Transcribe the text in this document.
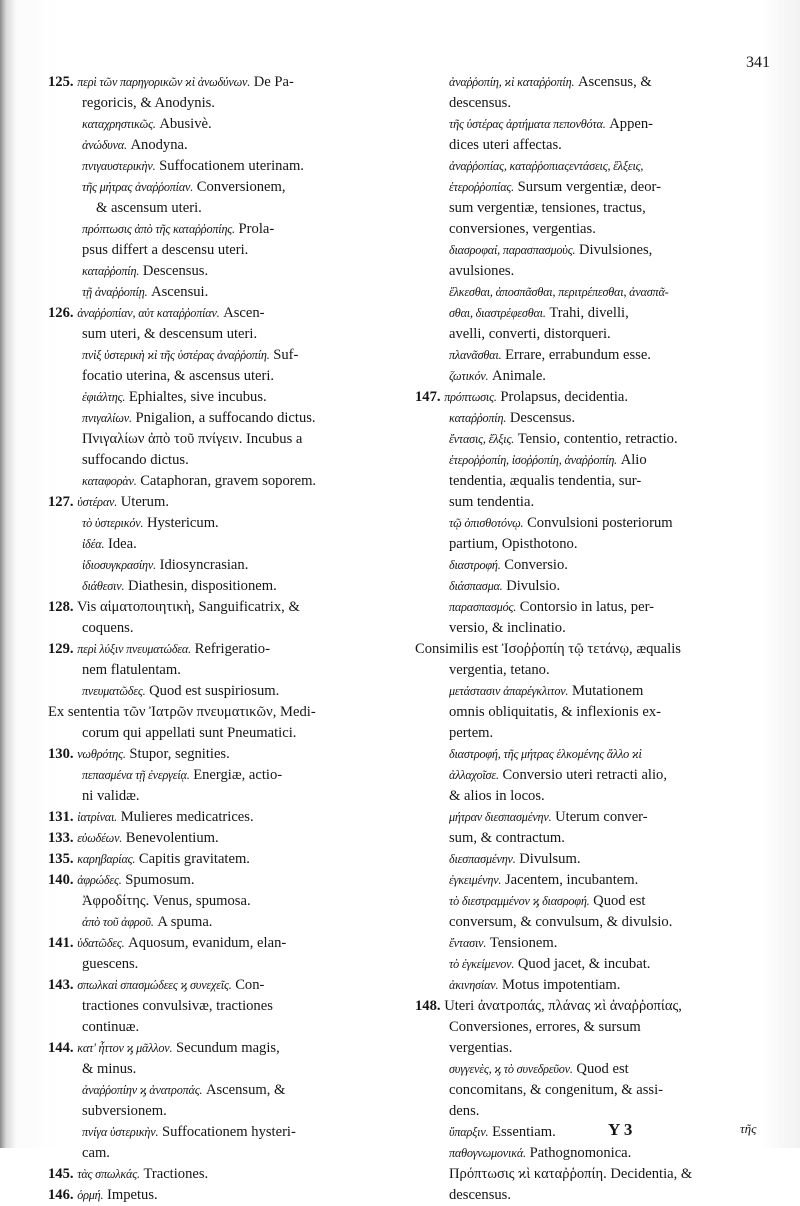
341
125. περὶ τῶν παρηγορικῶν ϰὶ ἀνωδύνων. De Pa-
regoricis, & Anodynis.
καταχρηστικῶς. Abusivè.
ἀνώδυνα. Anodyna.
πνιγαυστερικὴν. Suffocationem uterinam.
τῆς μήτρας ἀναῤῥοπίαν. Conversionem,
& ascensum uteri.
πρόπτωσις ἀπὸ τῆς καταῤῥοπίης. Prola-
psus differt a descensu uteri.
καταῤῥοπίη. Descensus.
τῇ ἀναῤῥοπίῃ. Ascensui.
126. ἀναῤῥοπίαν, αὐτ καταῤῥοπίαν. Ascen-
sum uteri, & descensum uteri.
πνὶξ ὑστερικὴ ϰὶ τῆς ὑστέρας ἀναῤῥοπίη. Suf-
focatio uterina, & ascensus uteri.
ἐφιάλτης. Ephialtes, sive incubus.
πνιγαλίων. Pnigalion, a suffocando dictus.
Πνιγαλίων ἀπὸ τοῦ πνίγειν. Incubus a
suffocando dictus.
καταφορὰν. Cataphoran, gravem soporem.
127. ὑστέραν. Uterum.
τὸ ὑστερικόν. Hystericum.
ἰδέα. Idea.
ἰδιοσυγκρασίην. Idiosyncrasian.
διάθεσιν. Diathesin, dispositionem.
128. Vis αἱματοποιητικὴ, Sanguificatrix, &
coquens.
129. περὶ λύξιν πνευματώδεα. Refrigeratio-
nem flatulentam.
πνευματῶδες. Quod est suspiriosum.
Ex sententia τῶν Ἰατρῶν πνευματικῶν, Medi-
corum qui appellati sunt Pneumatici.
130. νωθρότης. Stupor, segnities.
πεπασμένα τῇ ἐνεργείᾳ. Energiæ, actio-
ni validæ.
131. ἰατρίναι. Mulieres medicatrices.
133. εὐωδέων. Benevolentium.
135. καρηβαρίας. Capitis gravitatem.
140. ἀφρώδες. Spumosum.
Ἀφροδίτης. Venus, spumosa.
ἀπὸ τοῦ ἀφροῦ. A spuma.
141. ὑδατῶδες. Aquosum, evanidum, elan-
guescens.
143. σπωλκαὶ σπασμώδεες ϗ συνεχεῖς. Con-
tractiones convulsivæ, tractiones
continuæ.
144. κατ' ἧττον ϗ μᾶλλον. Secundum magis,
& minus.
ἀναῤῥοπίην ϗ ἀνατροπάς. Ascensum, &
subversionem.
πνίγα ὑστερικὴν. Suffocationem hysteri-
cam.
145. τὰς σπωλκάς. Tractiones.
146. ὁρμή. Impetus.
ἀναῤῥοπίη, ϰὶ καταῤῥοπίη. Ascensus, &
descensus.
τῆς ὑστέρας ἀρτήματα πεπονθότα. Appen-
dices uteri affectas.
ἀναῤῥοπίας, καταῤῥοπιαςεντάσεις, ἕλξεις,
ἑτεροῤῥοπίας. Sursum vergentiæ, deor-
sum vergentiæ, tensiones, tractus,
conversiones, vergentias.
διασροφαί, παρασπασμοὺς. Divulsiones,
avulsiones.
ἕλκεσθαι, ἀποσπᾶσθαι, περιτρέπεσθαι, ἀνασπᾶ-
σθαι, διαστρέφεσθαι. Trahi, divelli,
avelli, converti, distorqueri.
πλανᾶσθαι. Errare, errabundum esse.
ζωτικόν. Animale.
147. πρόπτωσις. Prolapsus, decidentia.
καταῤῥοπίη. Descensus.
ἔντασις, ἕλξις. Tensio, contentio, retractio.
ἑτεροῤῥοπίη, ἰσοῤῥοπίη, ἀναῤῥοπίη. Alio
tendentia, æqualis tendentia, sur-
sum tendentia.
τῷ ὀπισθοτόνῳ. Convulsioni posteriorum
partium, Opisthotono.
διαστροφή. Conversio.
διάσπασμα. Divulsio.
παρασπασμός. Contorsio in latus, per-
versio, & inclinatio.
Consimilis est Ἰσοῤῥοπίη τῷ τετάνῳ, æqualis
vergentia, tetano.
μετάστασιν ἀπαρέγκλιτον. Mutationem
omnis obliquitatis, & inflexionis ex-
pertem.
διαστροφή, τῆς μήτρας ἑλκομένης ἄλλο ϰὶ
ἀλλαχοῖσε. Conversio uteri retracti alio,
& alios in locos.
μήτραν διεσπασμένην. Uterum conver-
sum, & contractum.
διεσπασμένην. Divulsum.
ἐγκειμένην. Jacentem, incubantem.
τὸ διεστραμμένον ϗ διασροφή. Quod est
conversum, & convulsum, & divulsio.
ἔντασιν. Tensionem.
τὸ ἐγκείμενον. Quod jacet, & incubat.
ἀκινησίαν. Motus impotentiam.
148. Uteri ἀνατροπάς, πλάνας ϰὶ ἀναῤῥοπίας,
Conversiones, errores, & sursum
vergentias.
συγγενὲς, ϗ τὸ συνεδρεῦον. Quod est
concomitans, & congenitum, & assi-
dens.
ὕπαρξιν. Essentiam.
παθογνωμονικά. Pathognomonica.
Πρόπτωσις ϰὶ καταῤῥοπίη. Decidentia, &
descensus.
Y 3	τῆς
